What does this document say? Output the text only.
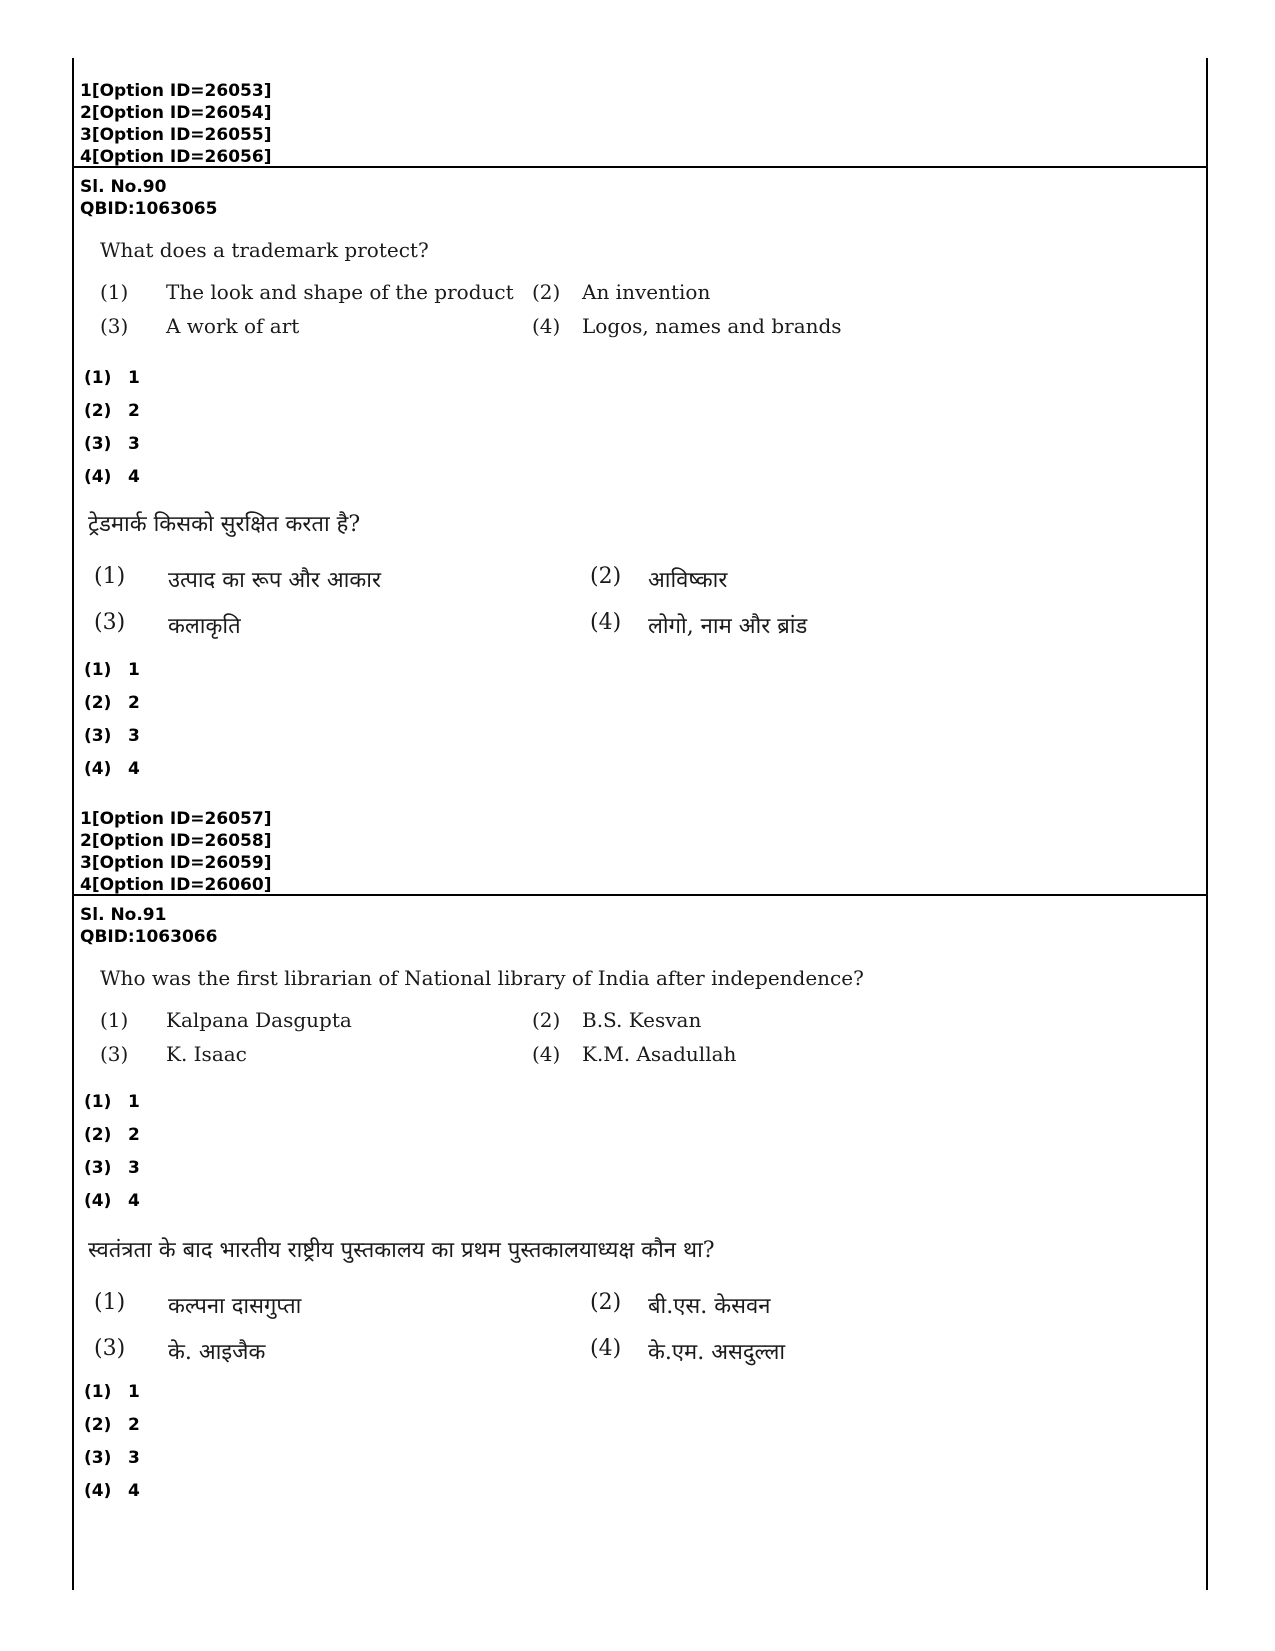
1[Option ID=26053]
2[Option ID=26054]
3[Option ID=26055]
4[Option ID=26056]
Sl. No.90
QBID:1063065
What does a trademark protect?
(1)	The look and shape of the product (2)	An invention
(3)	A work of art	(4)	Logos, names and brands
(1) 1
(2) 2
(3) 3
(4) 4
ट्रेडमार्क किसको सुरक्षित करता है?
(1)	उत्पाद का रूप और आकार	(2)	आविष्कार
(3)	कलाकृति	(4)	लोगो, नाम और ब्रांड
(1) 1
(2) 2
(3) 3
(4) 4
1[Option ID=26057]
2[Option ID=26058]
3[Option ID=26059]
4[Option ID=26060]
Sl. No.91
QBID:1063066
Who was the first librarian of National library of India after independence?
(1)	Kalpana Dasgupta	(2)	B.S. Kesvan
(3)	K. Isaac	(4)	K.M. Asadullah
(1) 1
(2) 2
(3) 3
(4) 4
स्वतंत्रता के बाद भारतीय राष्ट्रीय पुस्तकालय का प्रथम पुस्तकालयाध्यक्ष कौन था?
(1)	कल्पना दासगुप्ता	(2)	बी.एस. केसवन
(3)	के. आइजैक	(4)	के.एम. असदुल्ला
(1) 1
(2) 2
(3) 3
(4) 4
